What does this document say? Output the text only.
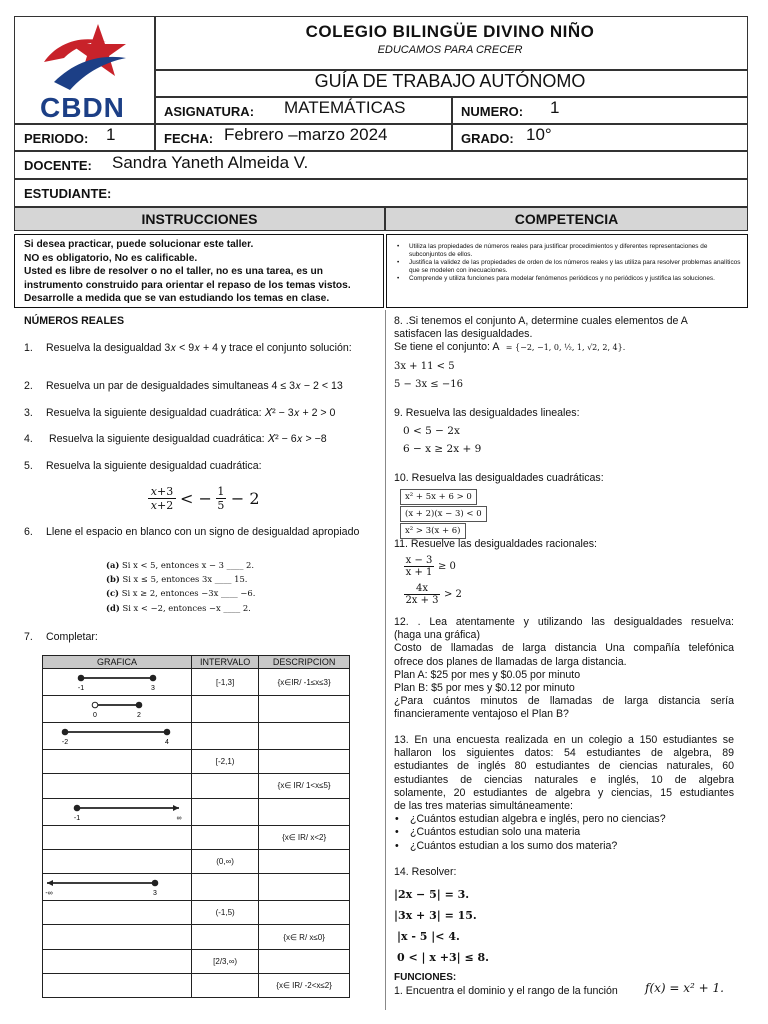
CBDN
COLEGIO BILINGÜE DIVINO NIÑO
EDUCAMOS PARA CRECER
GUÍA DE TRABAJO AUTÓNOMO
ASIGNATURA: MATEMÁTICAS	NUMERO: 1
PERIODO: 1	FECHA: Febrero –marzo 2024	GRADO: 10°
DOCENTE: Sandra Yaneth Almeida V.
ESTUDIANTE:
INSTRUCCIONES	COMPETENCIA
Si desea practicar, puede solucionar este taller.
NO es obligatorio, No es calificable.
Usted es libre de resolver o no el taller, no es una tarea, es un
instrumento construido para orientar el repaso de los temas vistos.
Desarrolle a medida que se van estudiando los temas en clase.
• Utiliza las propiedades de números reales para justificar procedimientos y diferentes representaciones de subconjuntos de ellos.
• Justifica la validez de las propiedades de orden de los números reales y las utiliza para resolver problemas analíticos que se modelen con inecuaciones.
• Comprende y utiliza funciones para modelar fenómenos periódicos y no periódicos y justifica las soluciones.
NÚMEROS REALES
1.	Resuelva la desigualdad 3𝑥 < 9𝑥 + 4 y trace el conjunto solución:
2.	Resuelva un par de desigualdades simultaneas 4 ≤ 3𝑥 − 2 < 13
3.	Resuelva la siguiente desigualdad cuadrática: 𝑋² − 3𝑥 + 2 > 0
4.	Resuelva la siguiente desigualdad cuadrática: 𝑋² − 6𝑥 > −8
5.	Resuelva la siguiente desigualdad cuadrática:
𝑥+3
𝑥+2 < − 1
5 − 2
6.	Llene el espacio en blanco con un signo de desigualdad apropiado
(a) Si x < 5, entonces x − 3 ____ 2.
(b) Si x ≤ 5, entonces 3x ____ 15.
(c) Si x ≥ 2, entonces −3x ____ −6.
(d) Si x < −2, entonces −x ____ 2.
7.	Completar:
GRAFICA	INTERVALO	DESCRIPCION

-1 3	[-1,3]	{x∈IR/ -1≤x≤3}

0 2		

-2 4		

	[-2,1)	
		{x∈ IR/ 1<x≤5}

-1 ∞		

		{x∈ IR/ x<2}
	(0,∞)	

-∞ 3		

	(-1,5)	
		{x∈ R/ x≤0}
	[2/3,∞)	
		{x∈ IR/ -2<x≤2}
8. .Si tenemos el conjunto A, determine cuales elementos de A satisfacen las desigualdades.
Se tiene el conjunto: A = {−2, −1, 0, ½, 1, √2, 2, 4}.
3x + 11 < 5
5 − 3x ≤ −16
9. Resuelva las desigualdades lineales:
0 < 5 − 2x
6 − x ≥ 2x + 9
10. Resuelva las desigualdades cuadráticas:
x² + 5x + 6 > 0
(x + 2)(x − 3) < 0
x² > 3(x + 6)
11. Resuelve las desigualdades racionales:
x − 3
x + 1
≥ 0
4x
2x + 3
> 2
12. . Lea atentamente y utilizando las desigualdades resuelva:
(haga una gráfica)
Costo de llamadas de larga distancia Una compañía telefónica
ofrece dos planes de llamadas de larga distancia.
Plan A: $25 por mes y $0.05 por minuto
Plan B: $5 por mes y $0.12 por minuto
¿Para cuántos minutos de llamadas de larga distancia sería
financieramente ventajoso el Plan B?
13. En una encuesta realizada en un colegio a 150 estudiantes se
hallaron los siguientes datos: 54 estudiantes de algebra, 89
estudiantes de inglés 80 estudiantes de ciencias naturales, 60
estudiantes de ciencias naturales e inglés, 10 de algebra
solamente, 20 estudiantes de algebra y ciencias, 15 estudiantes
de las tres materias simultáneamente:
• ¿Cuántos estudian algebra e inglés, pero no ciencias?
• ¿Cuántos estudian solo una materia
• ¿Cuántos estudian a los sumo dos materia?
14. Resolver:
|2x − 5| = 3.
|3x + 3| = 15.
|x - 5 |< 4.
0 < | x +3| ≤ 8.
FUNCIONES:
1. Encuentra el dominio y el rango de la función f(x) = x² + 1.
